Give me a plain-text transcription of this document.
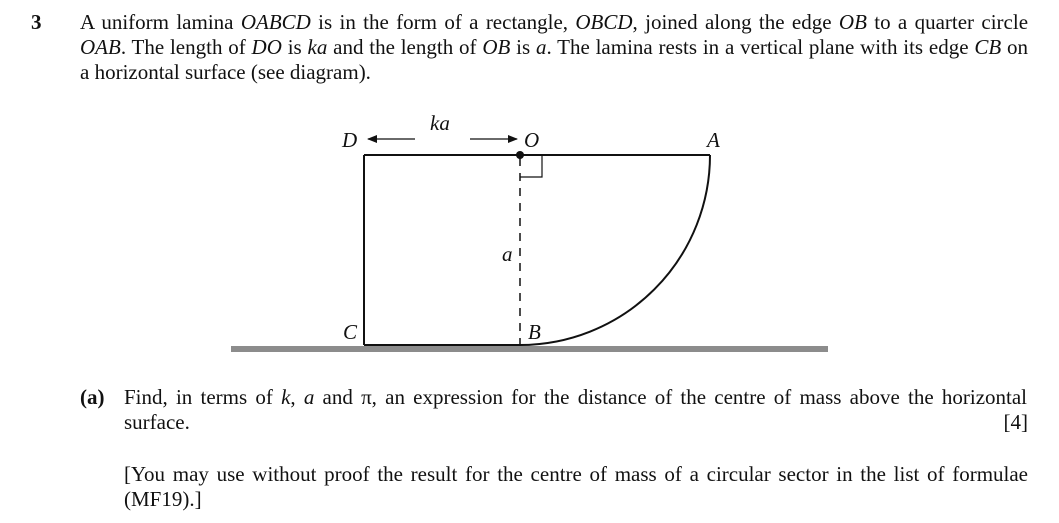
3 A uniform lamina OABCD is in the form of a rectangle, OBCD, joined along the edge OB to a quarter circle OAB. The length of DO is ka and the length of OB is a. The lamina rests in a vertical plane with its edge CB on a horizontal surface (see diagram).
D	O	A
C	B
ka
a
(a) Find, in terms of k, a and π, an expression for the distance of the centre of mass above the horizontal surface.	[4]
[You may use without proof the result for the centre of mass of a circular sector in the list of formulae (MF19).]
